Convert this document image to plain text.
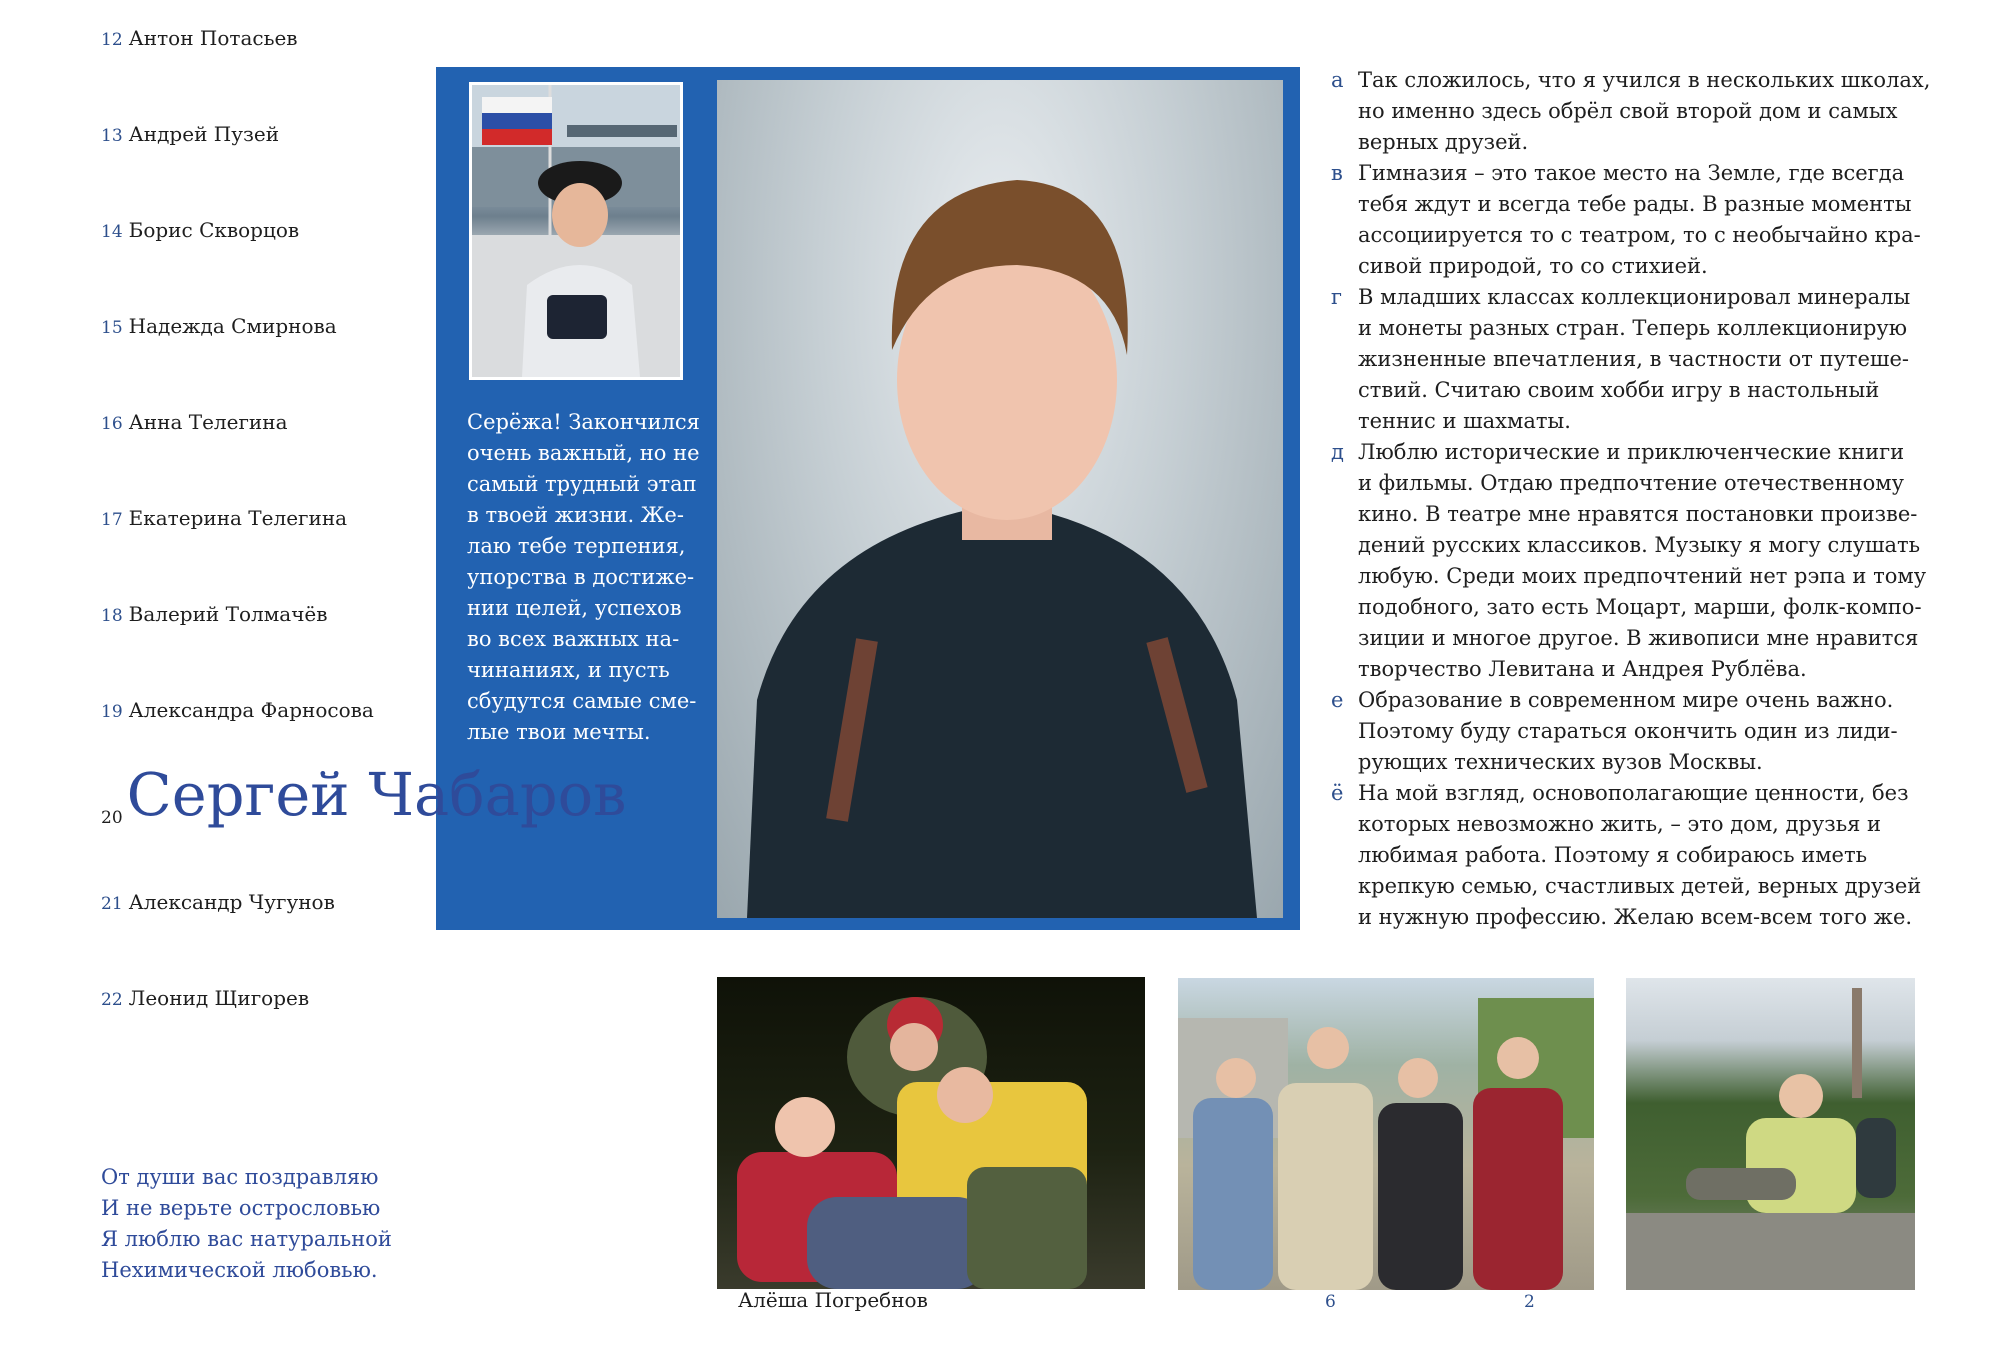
12 Антон Потасьев
13 Андрей Пузей
14 Борис Скворцов
15 Надежда Смирнова
16 Анна Телегина
17 Екатерина Телегина
18 Валерий Толмачёв
19 Александра Фарносова
$_{20}$Сергей Чабаров
21 Александр Чугунов
22 Леонид Щигорев
От души вас поздравляю
И не верьте острословью
Я люблю вас натуральной
Нехимической любовью.
Серёжа! Закончился
очень важный, но не
самый трудный этап
в твоей жизни. Же-
лаю тебе терпения,
упорства в достиже-
нии целей, успехов
во всех важных на-
чинаниях, и пусть
сбудутся самые сме-
лые твои мечты.
а Так сложилось, что я учился в нескольких школах,
но именно здесь обрёл свой второй дом и самых
верных друзей.
в Гимназия – это такое место на Земле, где всегда
тебя ждут и всегда тебе рады. В разные моменты
ассоциируется то с театром, то с необычайно кра-
сивой природой, то со стихией.
г В младших классах коллекционировал минералы
и монеты разных стран. Теперь коллекционирую
жизненные впечатления, в частности от путеше-
ствий. Считаю своим хобби игру в настольный
теннис и шахматы.
д Люблю исторические и приключенческие книги
и фильмы. Отдаю предпочтение отечественному
кино. В театре мне нравятся постановки произве-
дений русских классиков. Музыку я могу слушать
любую. Среди моих предпочтений нет рэпа и тому
подобного, зато есть Моцарт, марши, фолк-компо-
зиции и многое другое. В живописи мне нравится
творчество Левитана и Андрея Рублёва.
е Образование в современном мире очень важно.
Поэтому буду стараться окончить один из лиди-
рующих технических вузов Москвы.
ё На мой взгляд, основополагающие ценности, без
которых невозможно жить, – это дом, друзья и
любимая работа. Поэтому я собираюсь иметь
крепкую семью, счастливых детей, верных друзей
и нужную профессию. Желаю всем-всем того же.
Алёша Погребнов	6	2
